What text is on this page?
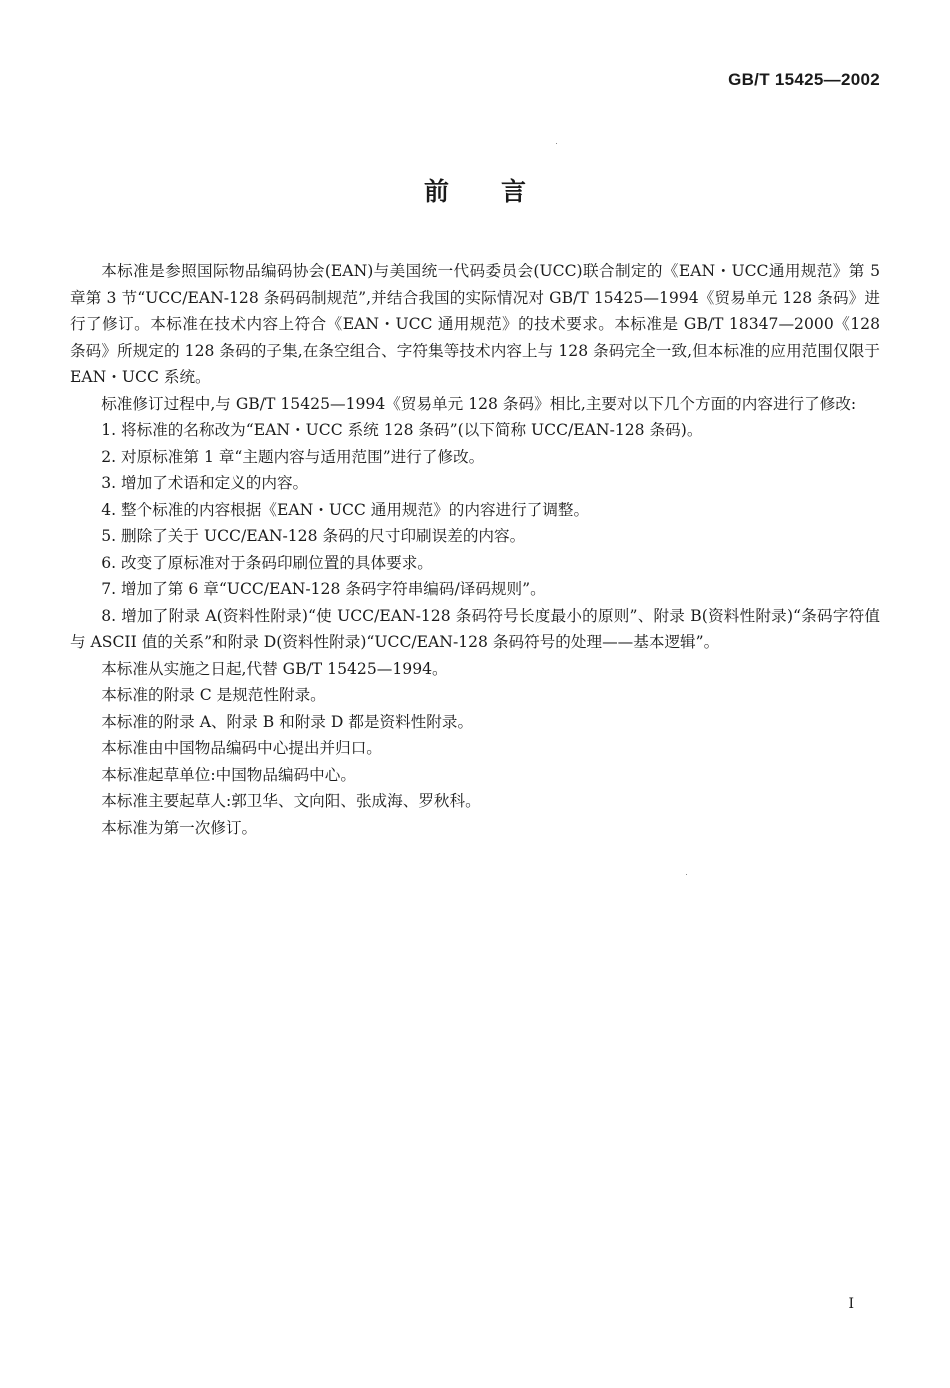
GB/T 15425—2002
前言

本标准是参照国际物品编码协会(EAN)与美国统一代码委员会(UCC)联合制定的《EAN・UCC通用规范》第 5 章第 3 节“UCC/EAN-128 条码码制规范”,并结合我国的实际情况对 GB/T 15425—1994《贸易单元 128 条码》进行了修订。本标准在技术内容上符合《EAN・UCC 通用规范》的技术要求。本标准是 GB/T 18347—2000《128 条码》所规定的 128 条码的子集,在条空组合、字符集等技术内容上与 128 条码完全一致,但本标准的应用范围仅限于 EAN・UCC 系统。

标准修订过程中,与 GB/T 15425—1994《贸易单元 128 条码》相比,主要对以下几个方面的内容进行了修改:

1. 将标准的名称改为“EAN・UCC 系统 128 条码”(以下简称 UCC/EAN-128 条码)。

2. 对原标准第 1 章“主题内容与适用范围”进行了修改。

3. 增加了术语和定义的内容。

4. 整个标准的内容根据《EAN・UCC 通用规范》的内容进行了调整。

5. 删除了关于 UCC/EAN-128 条码的尺寸印刷误差的内容。

6. 改变了原标准对于条码印刷位置的具体要求。

7. 增加了第 6 章“UCC/EAN-128 条码字符串编码/译码规则”。

8. 增加了附录 A(资料性附录)“使 UCC/EAN-128 条码符号长度最小的原则”、附录 B(资料性附录)“条码字符值与 ASCII 值的关系”和附录 D(资料性附录)“UCC/EAN-128 条码符号的处理——基本逻辑”。

本标准从实施之日起,代替 GB/T 15425—1994。

本标准的附录 C 是规范性附录。

本标准的附录 A、附录 B 和附录 D 都是资料性附录。

本标准由中国物品编码中心提出并归口。

本标准起草单位:中国物品编码中心。

本标准主要起草人:郭卫华、文向阳、张成海、罗秋科。

本标准为第一次修订。

I
